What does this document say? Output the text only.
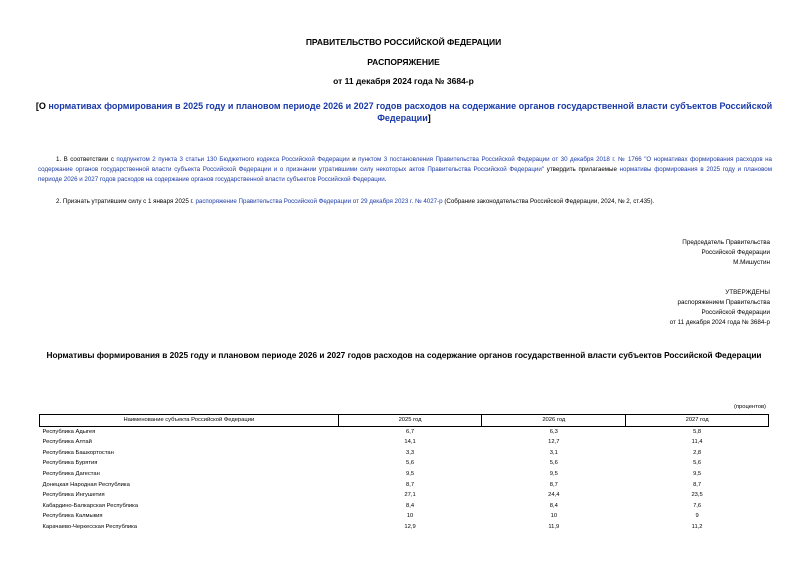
ПРАВИТЕЛЬСТВО РОССИЙСКОЙ ФЕДЕРАЦИИ
РАСПОРЯЖЕНИЕ
от 11 декабря 2024 года № 3684-р
[О нормативах формирования в 2025 году и плановом периоде 2026 и 2027 годов расходов на содержание органов государственной власти субъектов Российской Федерации]
1. В соответствии с подпунктом 2 пункта 3 статьи 130 Бюджетного кодекса Российской Федерации и пунктом 3 постановления Правительства Российской Федерации от 30 декабря 2018 г. № 1766 "О нормативах формирования расходов на содержание органов государственной власти субъекта Российской Федерации и о признании утратившими силу некоторых актов Правительства Российской Федерации" утвердить прилагаемые нормативы формирования в 2025 году и плановом периоде 2026 и 2027 годов расходов на содержание органов государственной власти субъектов Российской Федерации.
2. Признать утратившим силу с 1 января 2025 г. распоряжение Правительства Российской Федерации от 29 декабря 2023 г. № 4027-р (Собрание законодательства Российской Федерации, 2024, № 2, ст.435).
Председатель Правительства
Российской Федерации
М.Мишустин
УТВЕРЖДЕНЫ
распоряжением Правительства
Российской Федерации
от 11 декабря 2024 года № 3684-р
Нормативы формирования в 2025 году и плановом периоде 2026 и 2027 годов расходов на содержание органов государственной власти субъектов Российской Федерации
(процентов)
Наименование субъекта Российской Федерации	2025 год	2026 год	2027 год
Республика Адыгея	6,7	6,3	5,8
Республика Алтай	14,1	12,7	11,4
Республика Башкортостан	3,3	3,1	2,8
Республика Бурятия	5,6	5,6	5,6
Республика Дагестан	9,5	9,5	9,5
Донецкая Народная Республика	8,7	8,7	8,7
Республика Ингушетия	27,1	24,4	23,5
Кабардино-Балкарская Республика	8,4	8,4	7,6
Республика Калмыкия	10	10	9
Карачаево-Черкесская Республика	12,9	11,9	11,2
